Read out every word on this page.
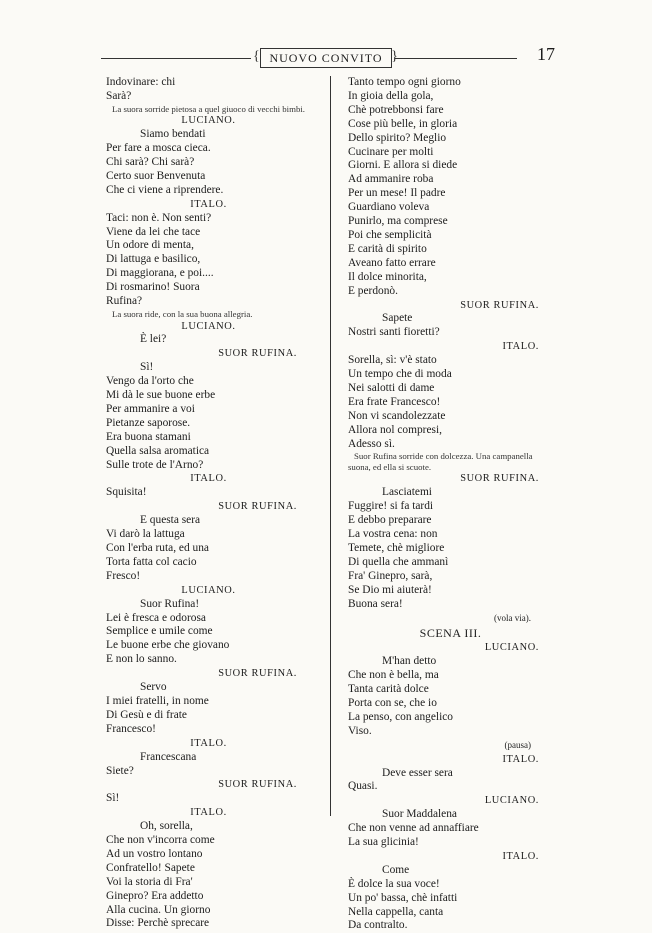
{ NUOVO CONVITO }	17
Indovinare: chi
Sarà?
La suora sorride pietosa a quel giuoco di vecchi bimbi.
LUCIANO.
Siamo bendati
Per fare a mosca cieca.
Chi sarà? Chi sarà?
Certo suor Benvenuta
Che ci viene a riprendere.
ITALO.
Taci: non è. Non senti?
Viene da lei che tace
Un odore di menta,
Di lattuga e basilico,
Di maggiorana, e poi....
Di rosmarino! Suora
Rufina?
La suora ride, con la sua buona allegria.
LUCIANO.
È lei?
SUOR RUFINA.
Sì!
Vengo da l'orto che
Mi dà le sue buone erbe
Per ammanire a voi
Pietanze saporose.
Era buona stamani
Quella salsa aromatica
Sulle trote de l'Arno?
ITALO.
Squisita!
SUOR RUFINA.
E questa sera
Vi darò la lattuga
Con l'erba ruta, ed una
Torta fatta col cacio
Fresco!
LUCIANO.
Suor Rufina!
Lei è fresca e odorosa
Semplice e umile come
Le buone erbe che giovano
E non lo sanno.
SUOR RUFINA.
Servo
I miei fratelli, in nome
Di Gesù e di frate
Francesco!
ITALO.
Francescana
Siete?
SUOR RUFINA.
Sì!
ITALO.
Oh, sorella,
Che non v'incorra come
Ad un vostro lontano
Confratello! Sapete
Voi la storia di Fra'
Ginepro? Era addetto
Alla cucina. Un giorno
Disse: Perchè sprecare
Tanto tempo ogni giorno
In gioia della gola,
Chè potrebbonsi fare
Cose più belle, in gloria
Dello spirito? Meglio
Cucinare per molti
Giorni. E allora si diede
Ad ammanire roba
Per un mese! Il padre
Guardiano voleva
Punirlo, ma comprese
Poi che semplicità
E carità di spirito
Aveano fatto errare
Il dolce minorita,
E perdonò.
SUOR RUFINA.
Sapete
Nostri santi fioretti?
ITALO.
Sorella, sì: v'è stato
Un tempo che di moda
Nei salotti di dame
Era frate Francesco!
Non vi scandolezzate
Allora nol compresi,
Adesso sì.
Suor Rufina sorride con dolcezza. Una campanella suona, ed ella si scuote.
SUOR RUFINA.
Lasciatemi
Fuggire! si fa tardi
E debbo preparare
La vostra cena: non
Temete, chè migliore
Di quella che ammanì
Fra' Ginepro, sarà,
Se Dio mi aiuterà!
Buona sera!
(vola via).
SCENA III.
LUCIANO.
M'han detto
Che non è bella, ma
Tanta carità dolce
Porta con se, che io
La penso, con angelico
Viso.
(pausa)
ITALO.
Deve esser sera
Quasi.
LUCIANO.
Suor Maddalena
Che non venne ad annaffiare
La sua glicinia!
ITALO.
Come
È dolce la sua voce!
Un po' bassa, chè infatti
Nella cappella, canta
Da contralto.
